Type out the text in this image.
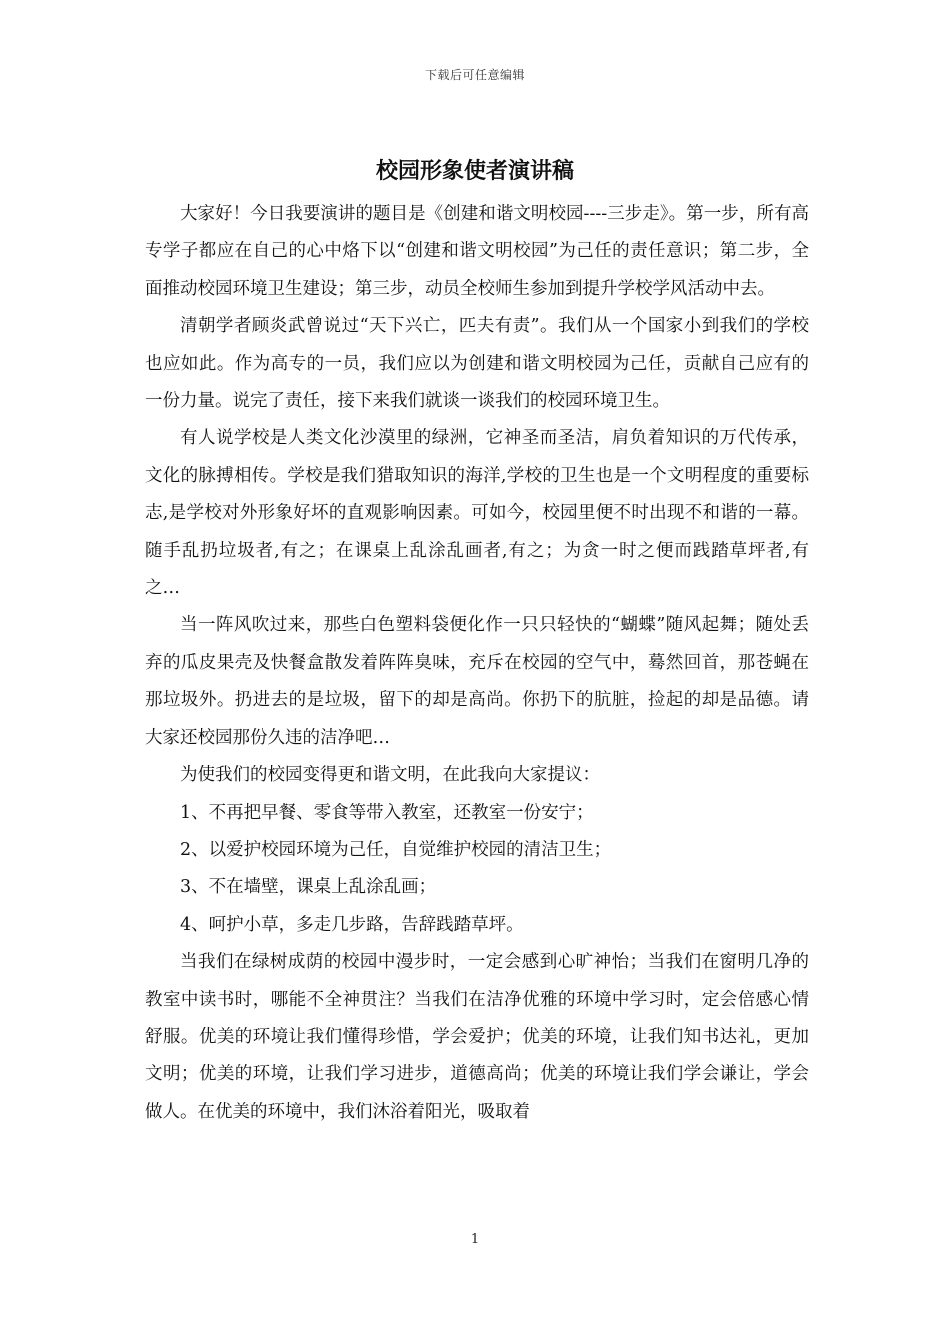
下载后可任意编辑
校园形象使者演讲稿

大家好！今日我要演讲的题目是《创建和谐文明校园----三步走》。第一步，所有高专学子都应在自己的心中烙下以“创建和谐文明校园”为己任的责任意识；第二步，全面推动校园环境卫生建设；第三步，动员全校师生参加到提升学校学风活动中去。

清朝学者顾炎武曾说过“天下兴亡，匹夫有责”。我们从一个国家小到我们的学校也应如此。作为高专的一员，我们应以为创建和谐文明校园为己任，贡献自己应有的一份力量。说完了责任，接下来我们就谈一谈我们的校园环境卫生。

有人说学校是人类文化沙漠里的绿洲，它神圣而圣洁，肩负着知识的万代传承，文化的脉搏相传。学校是我们猎取知识的海洋,学校的卫生也是一个文明程度的重要标志,是学校对外形象好坏的直观影响因素。可如今，校园里便不时出现不和谐的一幕。随手乱扔垃圾者,有之；在课桌上乱涂乱画者,有之；为贪一时之便而践踏草坪者,有之…

当一阵风吹过来，那些白色塑料袋便化作一只只轻快的“蝴蝶”随风起舞；随处丢弃的瓜皮果壳及快餐盒散发着阵阵臭味，充斥在校园的空气中，蓦然回首，那苍蝇在那垃圾外。扔进去的是垃圾，留下的却是高尚。你扔下的肮脏，捡起的却是品德。请大家还校园那份久违的洁净吧…

为使我们的校园变得更和谐文明，在此我向大家提议：

1、不再把早餐、零食等带入教室，还教室一份安宁；

2、以爱护校园环境为己任，自觉维护校园的清洁卫生；

3、不在墙壁，课桌上乱涂乱画；

4、呵护小草，多走几步路，告辞践踏草坪。

当我们在绿树成荫的校园中漫步时，一定会感到心旷神怡；当我们在窗明几净的教室中读书时，哪能不全神贯注？当我们在洁净优雅的环境中学习时，定会倍感心情舒服。优美的环境让我们懂得珍惜，学会爱护；优美的环境，让我们知书达礼，更加文明；优美的环境，让我们学习进步，道德高尚；优美的环境让我们学会谦让，学会做人。在优美的环境中，我们沐浴着阳光，吸取着

1
